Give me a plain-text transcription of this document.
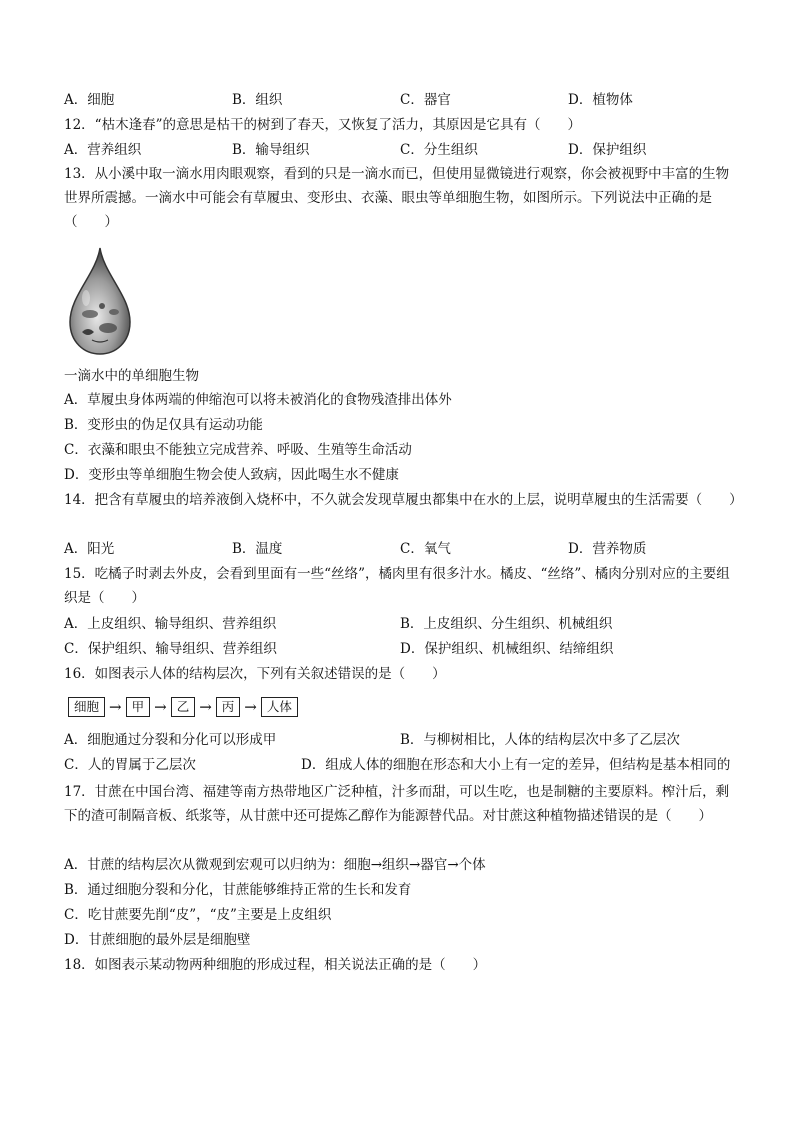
A．细胞	B．组织	C．器官	D．植物体
12．“枯木逢春”的意思是枯干的树到了春天，又恢复了活力，其原因是它具有（　　）
A．营养组织	B．输导组织	C．分生组织	D．保护组织
13．从小溪中取一滴水用肉眼观察，看到的只是一滴水而已，但使用显微镜进行观察，你会被视野中丰富的生物世界所震撼。一滴水中可能会有草履虫、变形虫、衣藻、眼虫等单细胞生物，如图所示。下列说法中正确的是（　　）
一滴水中的单细胞生物
A．草履虫身体两端的伸缩泡可以将未被消化的食物残渣排出体外
B．变形虫的伪足仅具有运动功能
C．衣藻和眼虫不能独立完成营养、呼吸、生殖等生命活动
D．变形虫等单细胞生物会使人致病，因此喝生水不健康
14．把含有草履虫的培养液倒入烧杯中，不久就会发现草履虫都集中在水的上层，说明草履虫的生活需要（　　）
A．阳光	B．温度	C．氧气	D．营养物质
15．吃橘子时剥去外皮，会看到里面有一些“丝络”，橘肉里有很多汁水。橘皮、“丝络”、橘肉分别对应的主要组织是（　　）
A．上皮组织、输导组织、营养组织	B．上皮组织、分生组织、机械组织
C．保护组织、输导组织、营养组织	D．保护组织、机械组织、结缔组织
16．如图表示人体的结构层次，下列有关叙述错误的是（　　）
细胞 → 甲 → 乙 → 丙 → 人体
A．细胞通过分裂和分化可以形成甲	B．与柳树相比，人体的结构层次中多了乙层次
C．人的胃属于乙层次	D．组成人体的细胞在形态和大小上有一定的差异，但结构是基本相同的
17．甘蔗在中国台湾、福建等南方热带地区广泛种植，汁多而甜，可以生吃，也是制糖的主要原料。榨汁后，剩下的渣可制隔音板、纸浆等，从甘蔗中还可提炼乙醇作为能源替代品。对甘蔗这种植物描述错误的是（　　）
A．甘蔗的结构层次从微观到宏观可以归纳为：细胞→组织→器官→个体
B．通过细胞分裂和分化，甘蔗能够维持正常的生长和发育
C．吃甘蔗要先削“皮”，“皮”主要是上皮组织
D．甘蔗细胞的最外层是细胞壁
18．如图表示某动物两种细胞的形成过程，相关说法正确的是（　　）
